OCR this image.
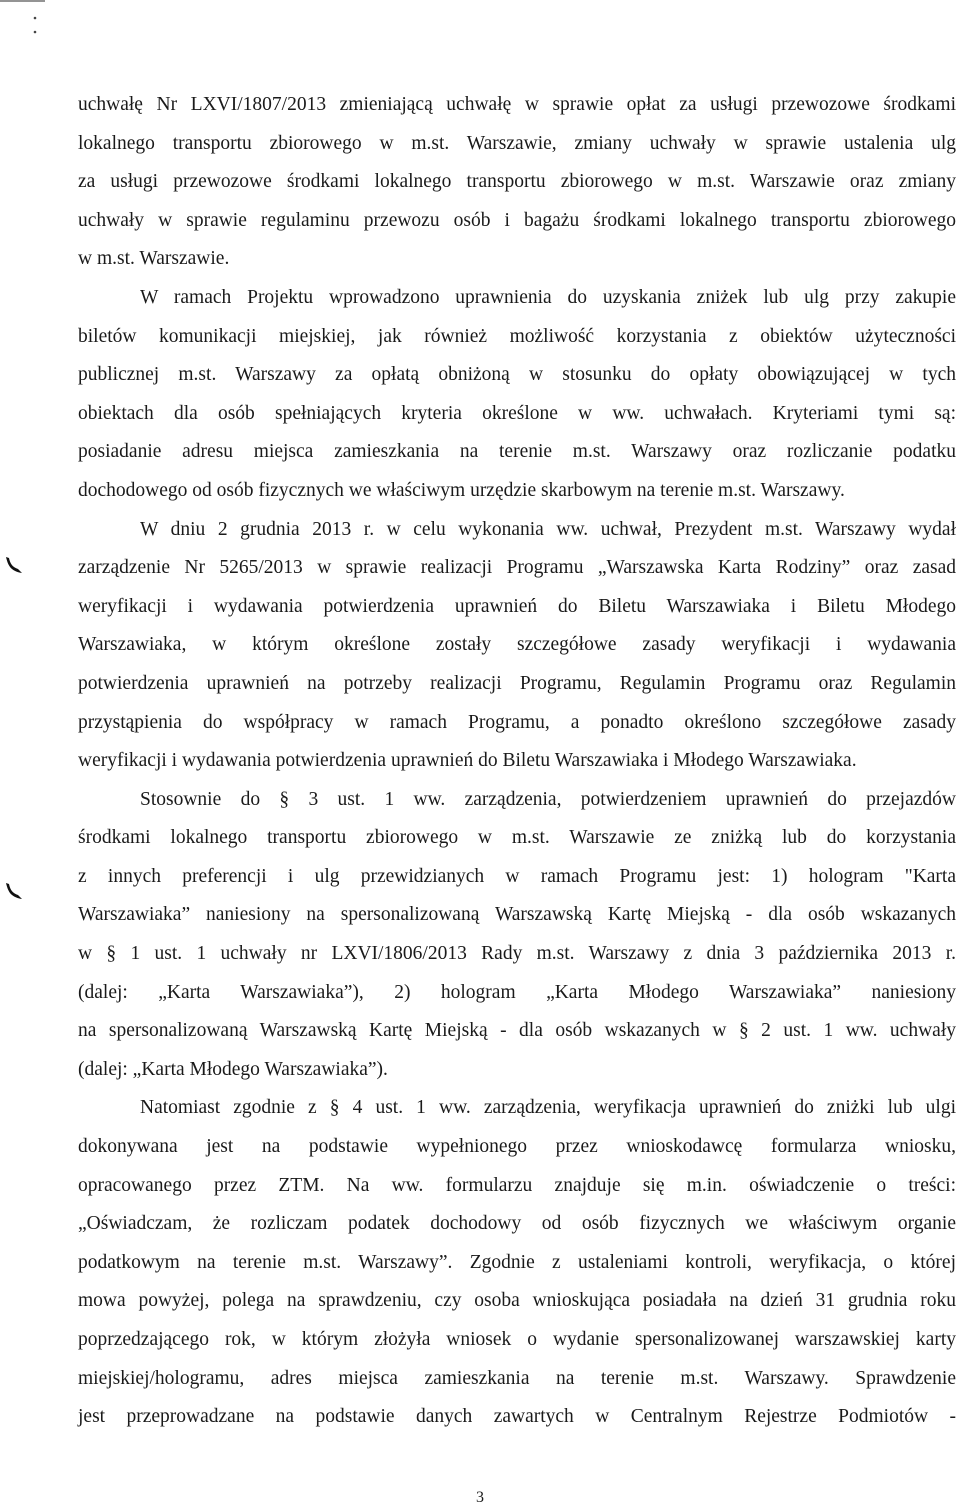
uchwałę Nr LXVI/1807/2013 zmieniającą uchwałę w sprawie opłat za usługi przewozowe środkami
lokalnego transportu zbiorowego w m.st. Warszawie, zmiany uchwały w sprawie ustalenia ulg
za usługi przewozowe środkami lokalnego transportu zbiorowego w m.st. Warszawie oraz zmiany
uchwały w sprawie regulaminu przewozu osób i bagażu środkami lokalnego transportu zbiorowego
w m.st. Warszawie.
W ramach Projektu wprowadzono uprawnienia do uzyskania zniżek lub ulg przy zakupie
biletów komunikacji miejskiej, jak również możliwość korzystania z obiektów użyteczności
publicznej m.st. Warszawy za opłatą obniżoną w stosunku do opłaty obowiązującej w tych
obiektach dla osób spełniających kryteria określone w ww. uchwałach. Kryteriami tymi są:
posiadanie adresu miejsca zamieszkania na terenie m.st. Warszawy oraz rozliczanie podatku
dochodowego od osób fizycznych we właściwym urzędzie skarbowym na terenie m.st. Warszawy.
W dniu 2 grudnia 2013 r. w celu wykonania ww. uchwał, Prezydent m.st. Warszawy wydał
zarządzenie Nr 5265/2013 w sprawie realizacji Programu „Warszawska Karta Rodziny” oraz zasad
weryfikacji i wydawania potwierdzenia uprawnień do Biletu Warszawiaka i Biletu Młodego
Warszawiaka, w którym określone zostały szczegółowe zasady weryfikacji i wydawania
potwierdzenia uprawnień na potrzeby realizacji Programu, Regulamin Programu oraz Regulamin
przystąpienia do współpracy w ramach Programu, a ponadto określono szczegółowe zasady
weryfikacji i wydawania potwierdzenia uprawnień do Biletu Warszawiaka i Młodego Warszawiaka.
Stosownie do § 3 ust. 1 ww. zarządzenia, potwierdzeniem uprawnień do przejazdów
środkami lokalnego transportu zbiorowego w m.st. Warszawie ze zniżką lub do korzystania
z innych preferencji i ulg przewidzianych w ramach Programu jest: 1) hologram "Karta
Warszawiaka” naniesiony na spersonalizowaną Warszawską Kartę Miejską - dla osób wskazanych
w § 1 ust. 1 uchwały nr LXVI/1806/2013 Rady m.st. Warszawy z dnia 3 października 2013 r.
(dalej: „Karta Warszawiaka”), 2) hologram „Karta Młodego Warszawiaka” naniesiony
na spersonalizowaną Warszawską Kartę Miejską - dla osób wskazanych w § 2 ust. 1 ww. uchwały
(dalej: „Karta Młodego Warszawiaka”).
Natomiast zgodnie z § 4 ust. 1 ww. zarządzenia, weryfikacja uprawnień do zniżki lub ulgi
dokonywana jest na podstawie wypełnionego przez wnioskodawcę formularza wniosku,
opracowanego przez ZTM. Na ww. formularzu znajduje się m.in. oświadczenie o treści:
„Oświadczam, że rozliczam podatek dochodowy od osób fizycznych we właściwym organie
podatkowym na terenie m.st. Warszawy”. Zgodnie z ustaleniami kontroli, weryfikacja, o której
mowa powyżej, polega na sprawdzeniu, czy osoba wnioskująca posiadała na dzień 31 grudnia roku
poprzedzającego rok, w którym złożyła wniosek o wydanie spersonalizowanej warszawskiej karty
miejskiej/hologramu, adres miejsca zamieszkania na terenie m.st. Warszawy. Sprawdzenie
jest przeprowadzane na podstawie danych zawartych w Centralnym Rejestrze Podmiotów -
3
